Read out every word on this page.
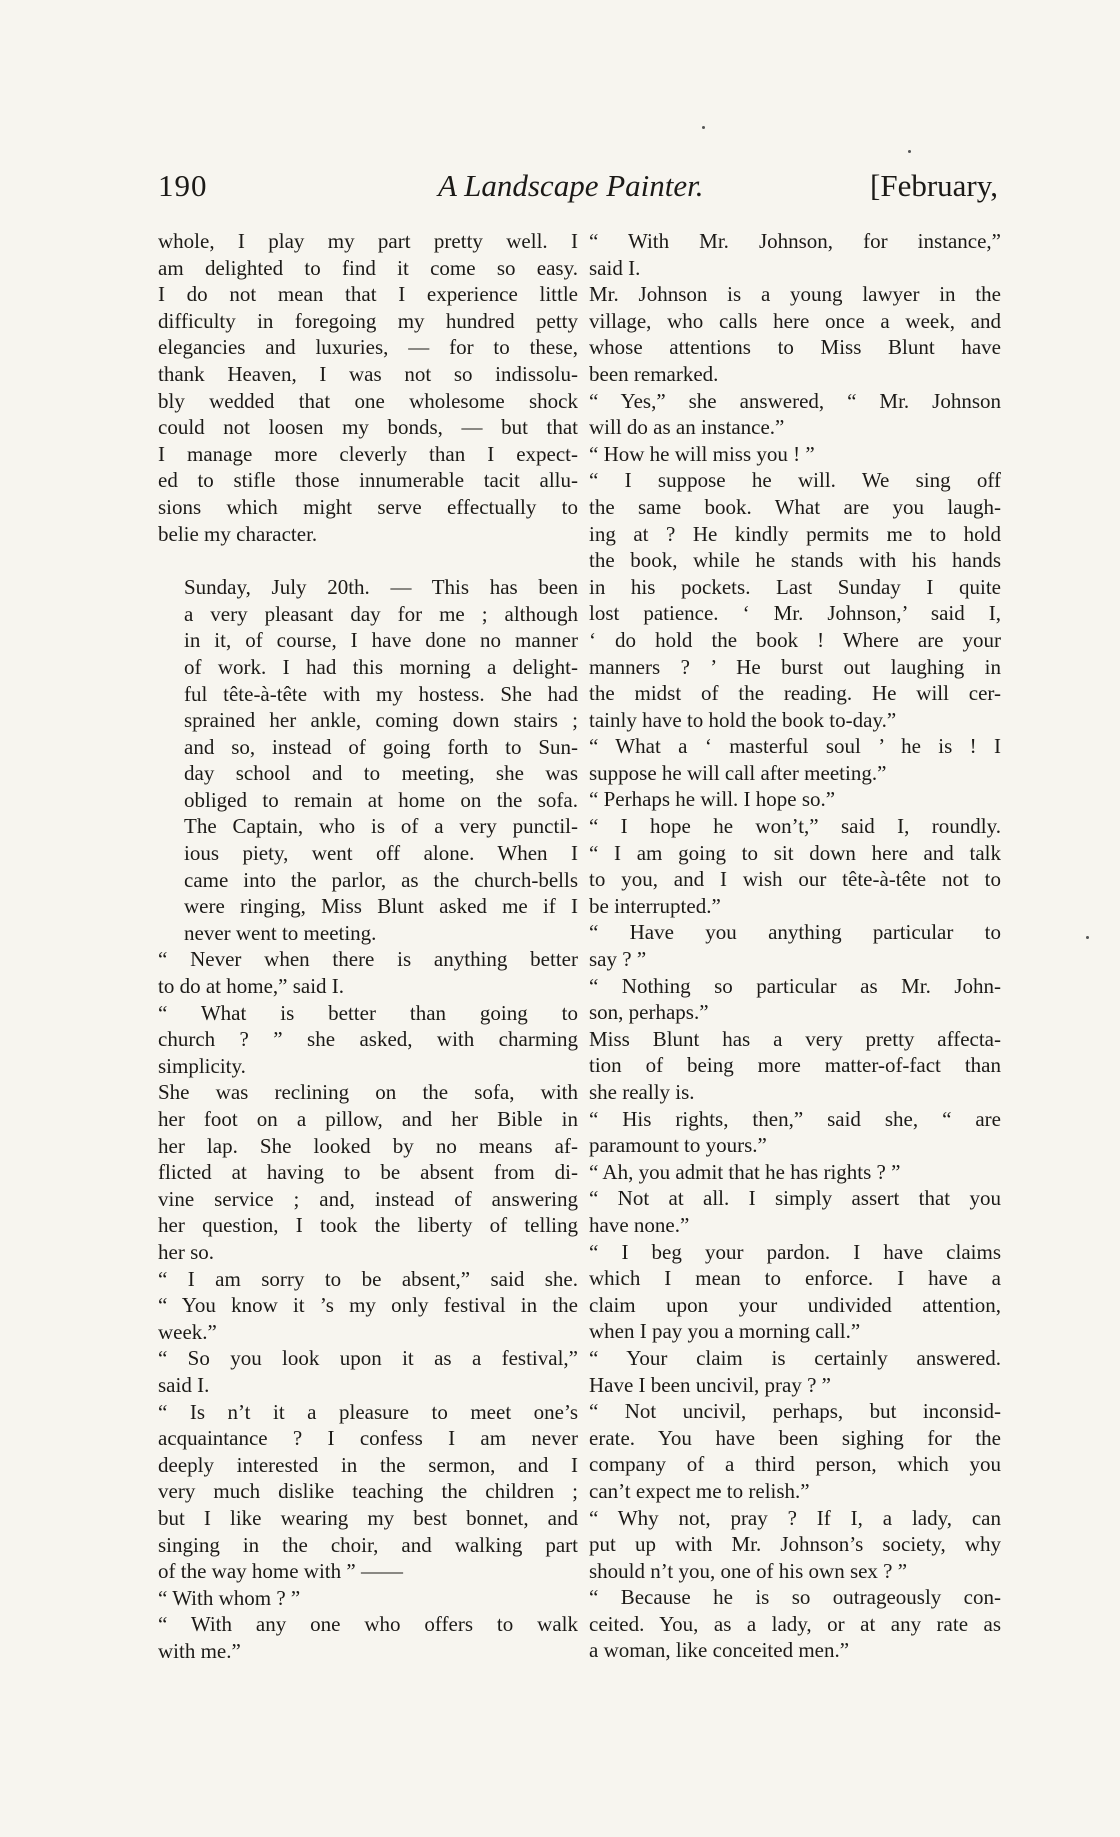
190	A Landscape Painter.	[February,

whole, I play my part pretty well. I
am delighted to find it come so easy.
I do not mean that I experience little
difficulty in foregoing my hundred petty
elegancies and luxuries, — for to these,
thank Heaven, I was not so indissolu-
bly wedded that one wholesome shock
could not loosen my bonds, — but that
I manage more cleverly than I expect-
ed to stifle those innumerable tacit allu-
sions which might serve effectually to
belie my character.

Sunday, July 20th. — This has been
a very pleasant day for me ; although
in it, of course, I have done no manner
of work. I had this morning a delight-
ful tête-à-tête with my hostess. She had
sprained her ankle, coming down stairs ;
and so, instead of going forth to Sun-
day school and to meeting, she was
obliged to remain at home on the sofa.
The Captain, who is of a very punctil-
ious piety, went off alone. When I
came into the parlor, as the church-bells
were ringing, Miss Blunt asked me if I
never went to meeting.

“ Never when there is anything better
to do at home,” said I.
“ What is better than going to
church ? ” she asked, with charming
simplicity.
She was reclining on the sofa, with
her foot on a pillow, and her Bible in
her lap. She looked by no means af-
flicted at having to be absent from di-
vine service ; and, instead of answering
her question, I took the liberty of telling
her so.
“ I am sorry to be absent,” said she.
“ You know it ’s my only festival in the
week.”
“ So you look upon it as a festival,”
said I.
“ Is n’t it a pleasure to meet one’s
acquaintance ? I confess I am never
deeply interested in the sermon, and I
very much dislike teaching the children ;
but I like wearing my best bonnet, and
singing in the choir, and walking part
of the way home with ” ——
“ With whom ? ”
“ With any one who offers to walk
with me.”

“ With Mr. Johnson, for instance,”
said I.
Mr. Johnson is a young lawyer in the
village, who calls here once a week, and
whose attentions to Miss Blunt have
been remarked.
“ Yes,” she answered, “ Mr. Johnson
will do as an instance.”
“ How he will miss you ! ”
“ I suppose he will. We sing off
the same book. What are you laugh-
ing at ? He kindly permits me to hold
the book, while he stands with his hands
in his pockets. Last Sunday I quite
lost patience. ‘ Mr. Johnson,’ said I,
‘ do hold the book ! Where are your
manners ? ’ He burst out laughing in
the midst of the reading. He will cer-
tainly have to hold the book to-day.”
“ What a ‘ masterful soul ’ he is ! I
suppose he will call after meeting.”
“ Perhaps he will. I hope so.”
“ I hope he won’t,” said I, roundly.
“ I am going to sit down here and talk
to you, and I wish our tête-à-tête not to
be interrupted.”
“ Have you anything particular to
say ? ”
“ Nothing so particular as Mr. John-
son, perhaps.”
Miss Blunt has a very pretty affecta-
tion of being more matter-of-fact than
she really is.
“ His rights, then,” said she, “ are
paramount to yours.”
“ Ah, you admit that he has rights ? ”
“ Not at all. I simply assert that you
have none.”
“ I beg your pardon. I have claims
which I mean to enforce. I have a
claim upon your undivided attention,
when I pay you a morning call.”
“ Your claim is certainly answered.
Have I been uncivil, pray ? ”
“ Not uncivil, perhaps, but inconsid-
erate. You have been sighing for the
company of a third person, which you
can’t expect me to relish.”
“ Why not, pray ? If I, a lady, can
put up with Mr. Johnson’s society, why
should n’t you, one of his own sex ? ”
“ Because he is so outrageously con-
ceited. You, as a lady, or at any rate as
a woman, like conceited men.”
